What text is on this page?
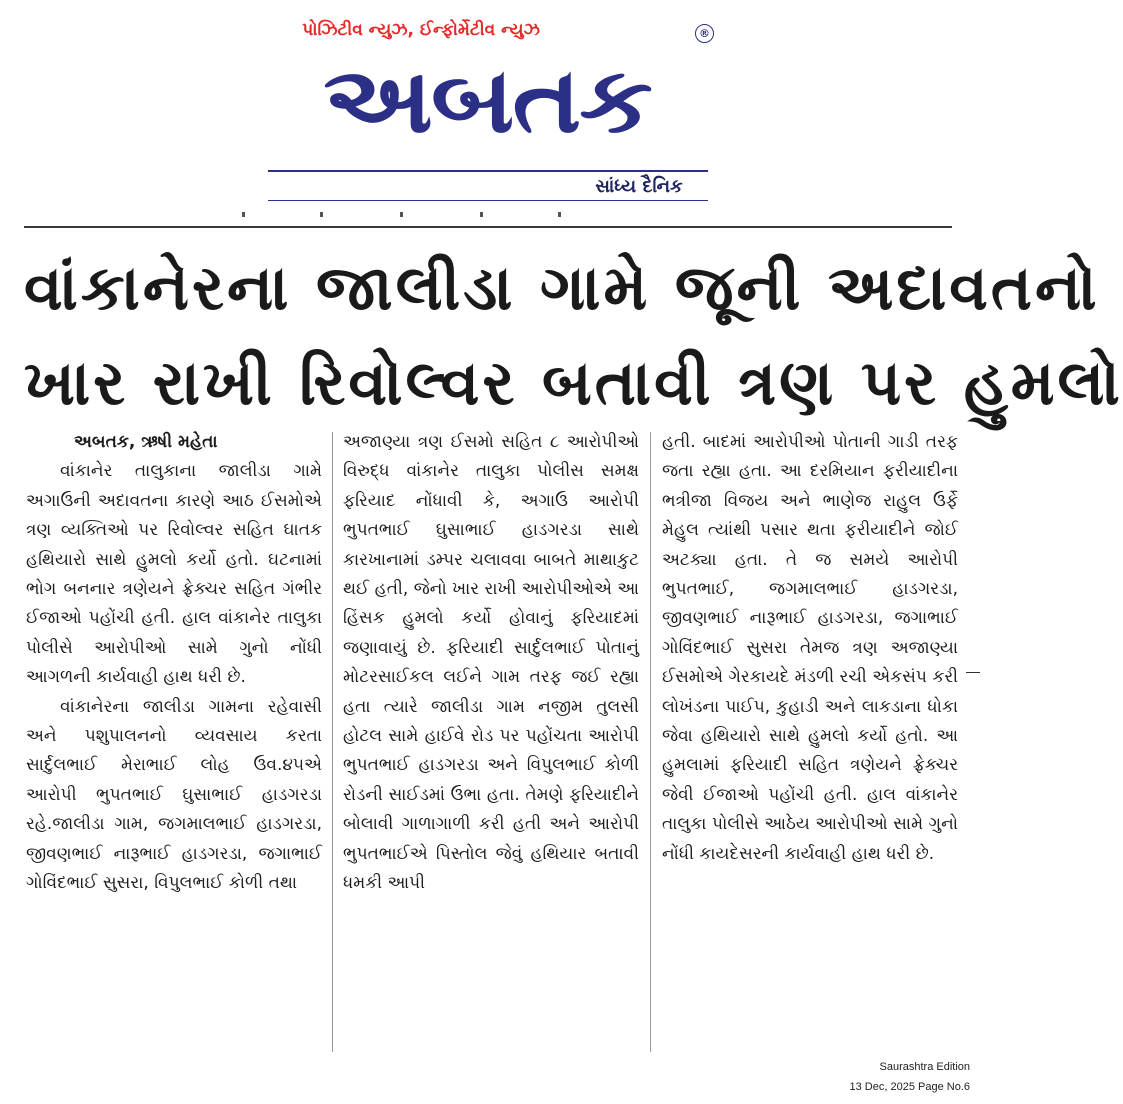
પોઝિટીવ ન્યુઝ, ઈન્ફોર્મેટીવ ન્યુઝ
અબતક
®
સાંધ્ય દૈનિક
વાંકાનેરના જાલીડા ગામે જૂની અદાવતનો
ખાર રાખી રિવોલ્વર બતાવી ત્રણ પર હુમલો

અબતક, ઋષી મહેતા

વાંકાનેર તાલુકાના જાલીડા ગામે અગાઉની અદાવતના કારણે આઠ ઈસમોએ ત્રણ વ્યક્તિઓ પર રિવોલ્વર સહિત ઘાતક હથિયારો સાથે હુમલો કર્યો હતો. ઘટનામાં ભોગ બનનાર ત્રણેયને ફ્રેક્ચર સહિત ગંભીર ઈજાઓ પહોંચી હતી. હાલ વાંકાનેર તાલુકા પોલીસે આરોપીઓ સામે ગુનો નોંધી આગળની કાર્યવાહી હાથ ધરી છે.

વાંકાનેરના જાલીડા ગામના રહેવાસી અને પશુપાલનનો વ્યવસાય કરતા સાર્દુલભાઈ મેરાભાઈ લોહ ઉવ.૪૫એ આરોપી ભુપતભાઈ ઘુસાભાઈ હાડગરડા રહે.જાલીડા ગામ, જગમાલભાઈ હાડગરડા, જીવણભાઈ નારૂભાઈ હાડગરડા, જગાભાઈ ગોવિંદભાઈ સુસરા, વિપુલભાઈ કોળી તથા

અજાણ્યા ત્રણ ઈસમો સહિત ૮ આરોપીઓ વિરુદ્ધ વાંકાનેર તાલુકા પોલીસ સમક્ષ ફરિયાદ નોંધાવી કે, અગાઉ આરોપી ભુપતભાઈ ઘુસાભાઈ હાડગરડા સાથે કારખાનામાં ડમ્પર ચલાવવા બાબતે માથાકુટ થઈ હતી, જેનો ખાર રાખી આરોપીઓએ આ હિંસક હુમલો કર્યો હોવાનું ફરિયાદમાં જણાવાયું છે. ફરિયાદી સાર્દુલભાઈ પોતાનું મોટરસાઈકલ લઈને ગામ તરફ જઈ રહ્યા હતા ત્યારે જાલીડા ગામ નજીમ તુલસી હોટલ સામે હાઈવે રોડ પર પહોંચતા આરોપી ભુપતભાઈ હાડગરડા અને વિપુલભાઈ કોળી રોડની સાઈડમાં ઉભા હતા. તેમણે ફરિયાદીને બોલાવી ગાળાગાળી કરી હતી અને આરોપી ભુપતભાઈએ પિસ્તોલ જેવું હથિયાર બતાવી ધમકી આપી

હતી. બાદમાં આરોપીઓ પોતાની ગાડી તરફ જતા રહ્યા હતા. આ દરમિયાન ફરીયાદીના ભત્રીજા વિજય અને ભાણેજ રાહુલ ઉર્ફે મેહુલ ત્યાંથી પસાર થતા ફરીયાદીને જોઈ અટક્યા હતા. તે જ સમયે આરોપી ભુપતભાઈ, જગમાલભાઈ હાડગરડા, જીવણભાઈ નારૂભાઈ હાડગરડા, જગાભાઈ ગોવિંદભાઈ સુસરા તેમજ ત્રણ અજાણ્યા ઈસમોએ ગેરકાયદે મંડળી રચી એકસંપ કરી લોખંડના પાઈપ, કુહાડી અને લાકડાના ધોકા જેવા હથિયારો સાથે હુમલો કર્યો હતો. આ હુમલામાં ફરિયાદી સહિત ત્રણેયને ફ્રેક્ચર જેવી ઈજાઓ પહોંચી હતી. હાલ વાંકાનેર તાલુકા પોલીસે આઠેય આરોપીઓ સામે ગુનો નોંધી કાયદેસરની કાર્યવાહી હાથ ધરી છે.

Saurashtra Edition
13 Dec, 2025 Page No.6
